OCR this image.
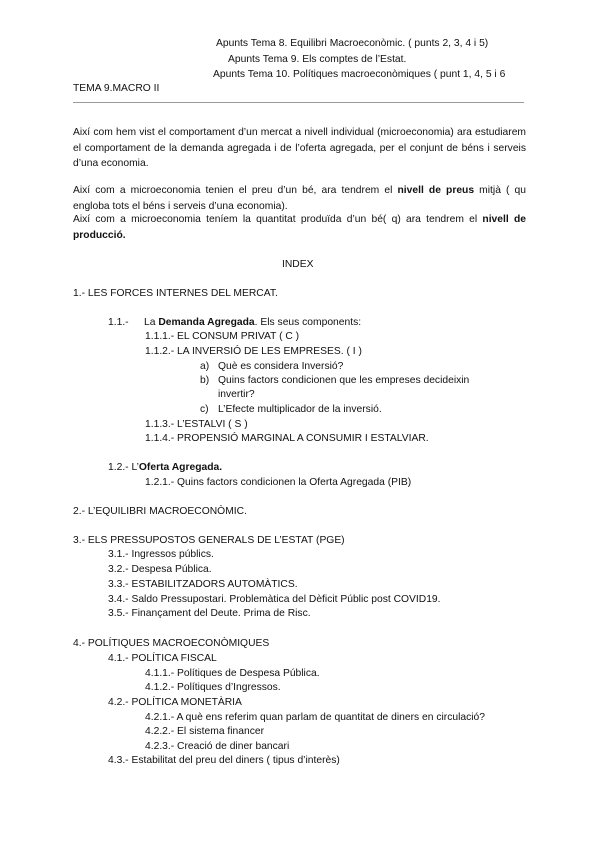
Apunts Tema 8. Equilibri Macroeconòmic. ( punts 2, 3, 4 i 5)
Apunts Tema 9. Els comptes de l’Estat.
Apunts Tema 10. Polítiques macroeconòmiques ( punt 1, 4, 5 i 6
TEMA 9.MACRO II
Així com hem vist el comportament d’un mercat a nivell individual (microeconomia) ara estudiarem el comportament de la demanda agregada i de l’oferta agregada, per el conjunt de béns i serveis d’una economia.
Així com a microeconomia tenien el preu d’un bé, ara tendrem el nivell de preus mitjà ( qu engloba tots el béns i serveis d’una economia).
Així com a microeconomia teníem la quantitat produïda d’un bé( q) ara tendrem el nivell de producció.
INDEX
1.- LES FORCES INTERNES DEL MERCAT.
1.1.- La Demanda Agregada. Els seus components:
1.1.1.- EL CONSUM PRIVAT ( C )
1.1.2.- LA INVERSIÓ DE LES EMPRESES. ( I )
a) Què es considera Inversió?
b) Quins factors condicionen que les empreses decideixin
invertir?
c) L’Efecte multiplicador de la inversió.
1.1.3.- L’ESTALVI ( S )
1.1.4.- PROPENSIÓ MARGINAL A CONSUMIR I ESTALVIAR.
1.2.- L’Oferta Agregada.
1.2.1.- Quins factors condicionen la Oferta Agregada (PIB)
2.- L’EQUILIBRI MACROECONÒMIC.
3.- ELS PRESSUPOSTOS GENERALS DE L’ESTAT (PGE)
3.1.- Ingressos públics.
3.2.- Despesa Pública.
3.3.- ESTABILITZADORS AUTOMÀTICS.
3.4.- Saldo Pressupostari. Problemàtica del Dèficit Públic post COVID19.
3.5.- Finançament del Deute. Prima de Risc.
4.- POLÍTIQUES MACROECONÒMIQUES
4.1.- POLÍTICA FISCAL
4.1.1.- Polítiques de Despesa Pública.
4.1.2.- Polítiques d’Ingressos.
4.2.- POLÍTICA MONETÀRIA
4.2.1.- A què ens referim quan parlam de quantitat de diners en circulació?
4.2.2.- El sistema financer
4.2.3.- Creació de diner bancari
4.3.- Estabilitat del preu del diners ( tipus d’interès)
